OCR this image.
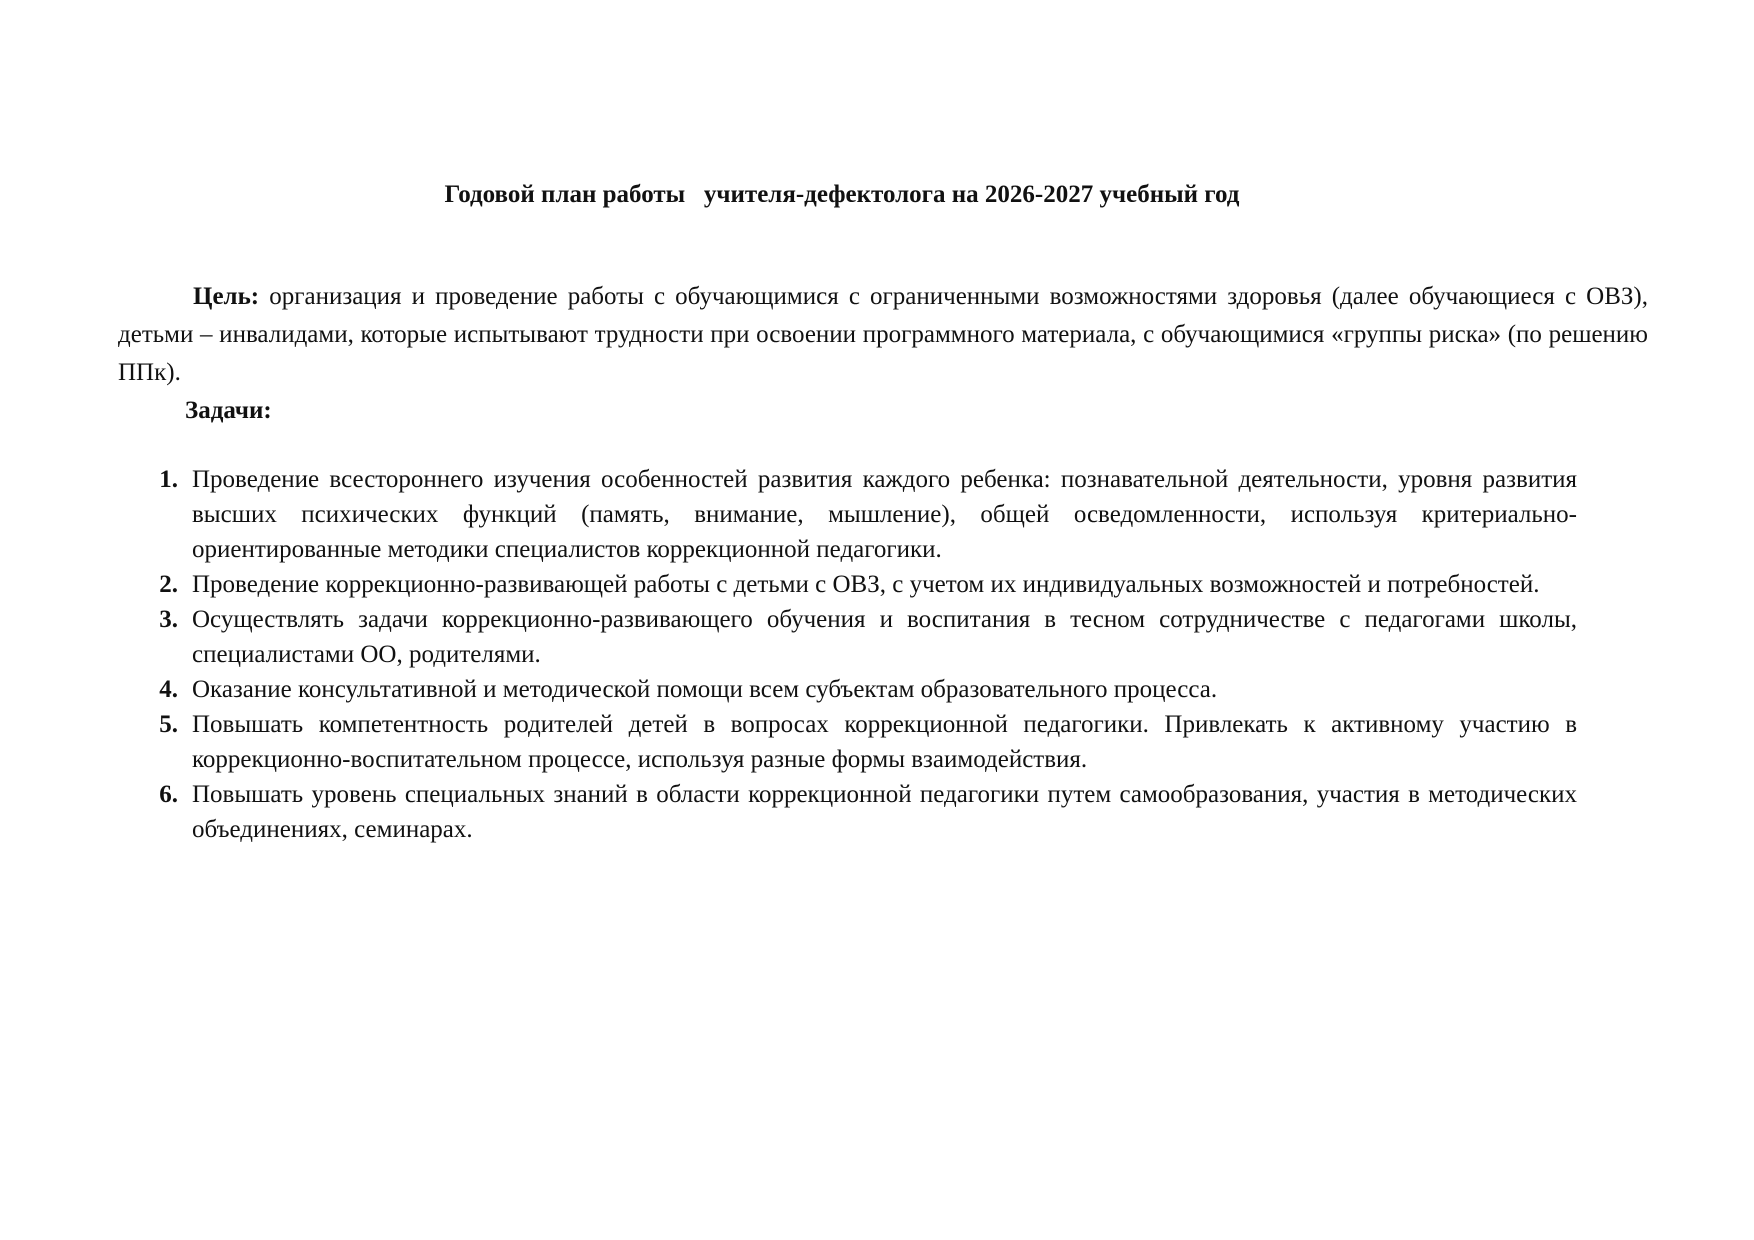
Годовой план работы   учителя-дефектолога на 2026-2027 учебный год

Цель: организация и проведение работы с обучающимися с ограниченными возможностями здоровья (далее обучающиеся с ОВЗ), детьми – инвалидами, которые испытывают трудности при освоении программного материала, с обучающимися «группы риска» (по решению ППк).

Задачи:
1. Проведение всестороннего изучения особенностей развития каждого ребенка: познавательной деятельности, уровня развития высших психических функций (память, внимание, мышление), общей осведомленности, используя критериально-ориентированные методики специалистов коррекционной педагогики.
2. Проведение коррекционно-развивающей работы с детьми с ОВЗ, с учетом их индивидуальных возможностей и потребностей.
3. Осуществлять задачи коррекционно-развивающего обучения и воспитания в тесном сотрудничестве с педагогами школы, специалистами ОО, родителями.
4. Оказание консультативной и методической помощи всем субъектам образовательного процесса.
5. Повышать компетентность родителей детей в вопросах коррекционной педагогики. Привлекать к активному участию в коррекционно-воспитательном процессе, используя разные формы взаимодействия.
6. Повышать уровень специальных знаний в области коррекционной педагогики путем самообразования, участия в методических объединениях, семинарах.
